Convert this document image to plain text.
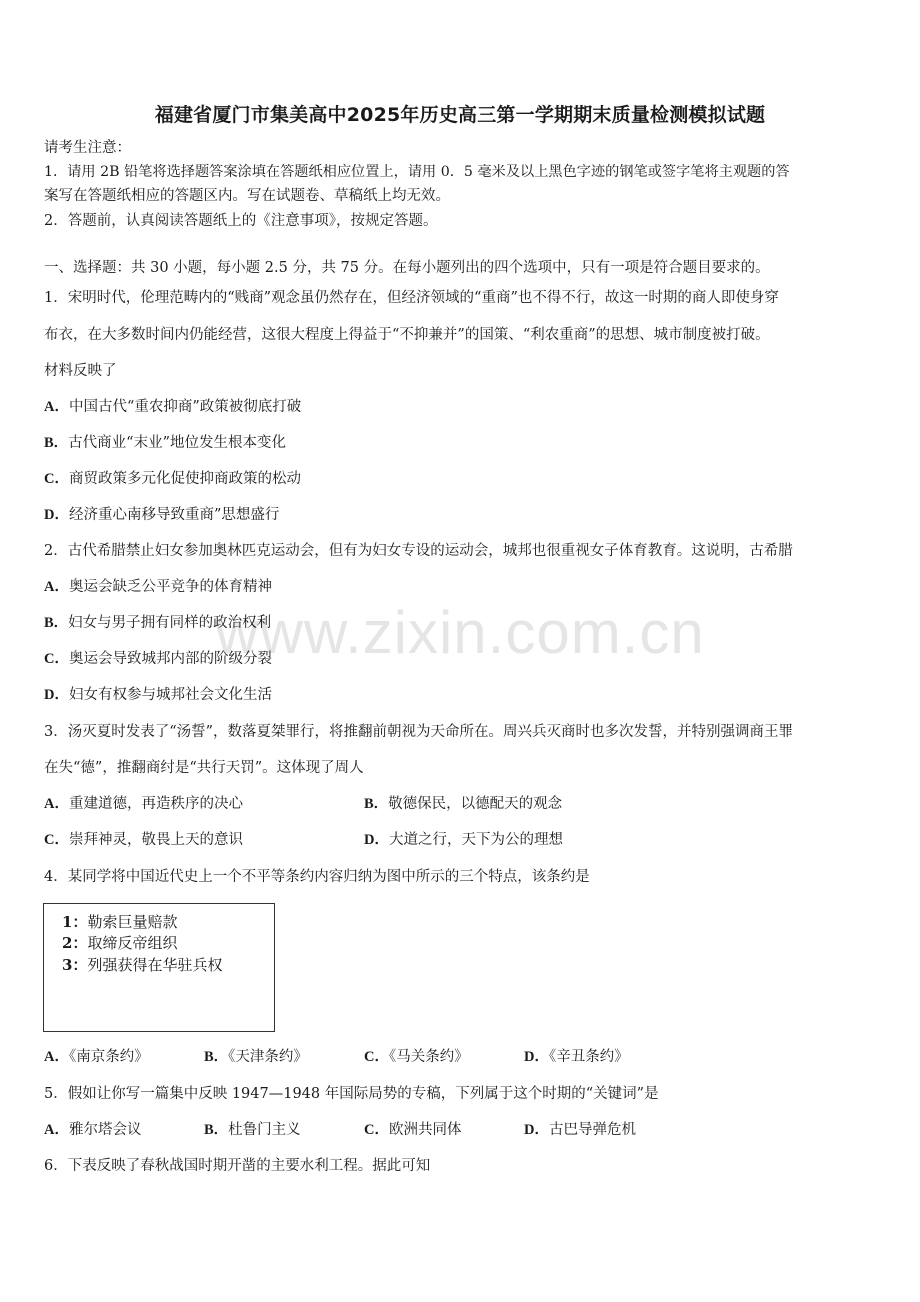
www.zixin.com.cn
福建省厦门市集美高中2025年历史高三第一学期期末质量检测模拟试题
请考生注意：
1．请用 2B 铅笔将选择题答案涂填在答题纸相应位置上，请用 0．5 毫米及以上黑色字迹的钢笔或签字笔将主观题的答
案写在答题纸相应的答题区内。写在试题卷、草稿纸上均无效。
2．答题前，认真阅读答题纸上的《注意事项》，按规定答题。
一、选择题：共 30 小题，每小题 2.5 分，共 75 分。在每小题列出的四个选项中，只有一项是符合题目要求的。
1．宋明时代，伦理范畴内的“贱商”观念虽仍然存在，但经济领域的“重商”也不得不行，故这一时期的商人即使身穿
布衣，在大多数时间内仍能经营，这很大程度上得益于“不抑兼并”的国策、“利农重商”的思想、城市制度被打破。
材料反映了
A．中国古代“重农抑商”政策被彻底打破
B．古代商业“末业”地位发生根本变化
C．商贸政策多元化促使抑商政策的松动
D．经济重心南移导致重商”思想盛行
2．古代希腊禁止妇女参加奥林匹克运动会，但有为妇女专设的运动会，城邦也很重视女子体育教育。这说明，古希腊
A．奥运会缺乏公平竞争的体育精神
B．妇女与男子拥有同样的政治权利
C．奥运会导致城邦内部的阶级分裂
D．妇女有权参与城邦社会文化生活
3．汤灭夏时发表了“汤誓”，数落夏桀罪行，将推翻前朝视为天命所在。周兴兵灭商时也多次发誓，并特别强调商王罪
在失“德”，推翻商纣是“共行天罚”。这体现了周人
A．重建道德，再造秩序的决心	B．敬德保民，以德配天的观念
C．崇拜神灵，敬畏上天的意识	D．大道之行，天下为公的理想
4．某同学将中国近代史上一个不平等条约内容归纳为图中所示的三个特点，该条约是
1：勒索巨量赔款
2：取缔反帝组织
3：列强获得在华驻兵权
A．《南京条约》	B．《天津条约》	C．《马关条约》	D．《辛丑条约》
5．假如让你写一篇集中反映 1947—1948 年国际局势的专稿，下列属于这个时期的“关键词”是
A．雅尔塔会议	B．杜鲁门主义	C．欧洲共同体	D．古巴导弹危机
6．下表反映了春秋战国时期开凿的主要水利工程。据此可知
